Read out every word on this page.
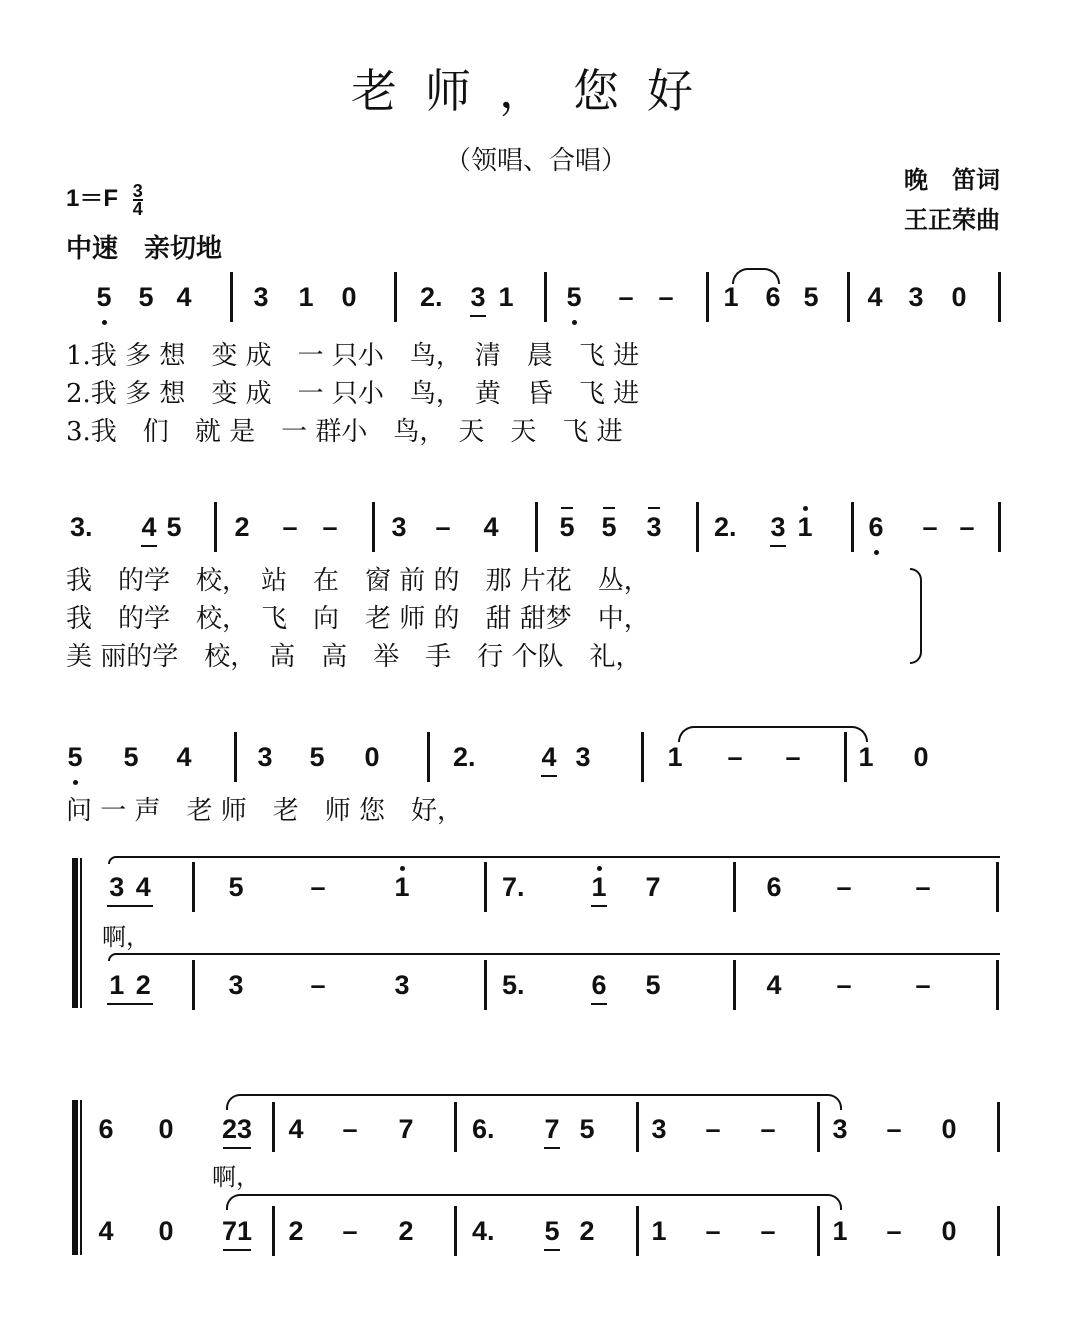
老师，您好
（领唱、合唱）
晚　笛词
王正荣曲
$1=F \frac{3}{4}$
中速　亲切地
5 5 4 3 1 0 2. 3 1 5 – – 1 6 5 4 3 0
1.我 多 想　变 成　一 只小　鸟，　清　晨　飞 进
2.我 多 想　变 成　一 只小　鸟，　黄　昏　飞 进
3.我　们　就 是　一 群小　鸟，　天　天　飞 进
3. 4 5 2 – – 3 – 4 5 5 3 2. 3 1 6 – –
我　的学　校，　站　在　窗 前 的　那 片花　丛，
我　的学　校，　飞　向　老 师 的　甜 甜梦　中，
美 丽的学　校，　高　高　举　手　行 个队　礼，
5 5 4 3 5 0	2. 4 3	1 – – 1 0
问 一 声　老 师　老　师 您　好，
3 4	5 –	1	7. 1 7	6 – –
啊，
1 2	3 –	3	5. 6 5	4 – –
6 0 23 4 – 7 6. 7 5 3 – – 3 – 0
啊，
4 0 71 2 – 2 4. 5 2 1 – – 1 – 0
